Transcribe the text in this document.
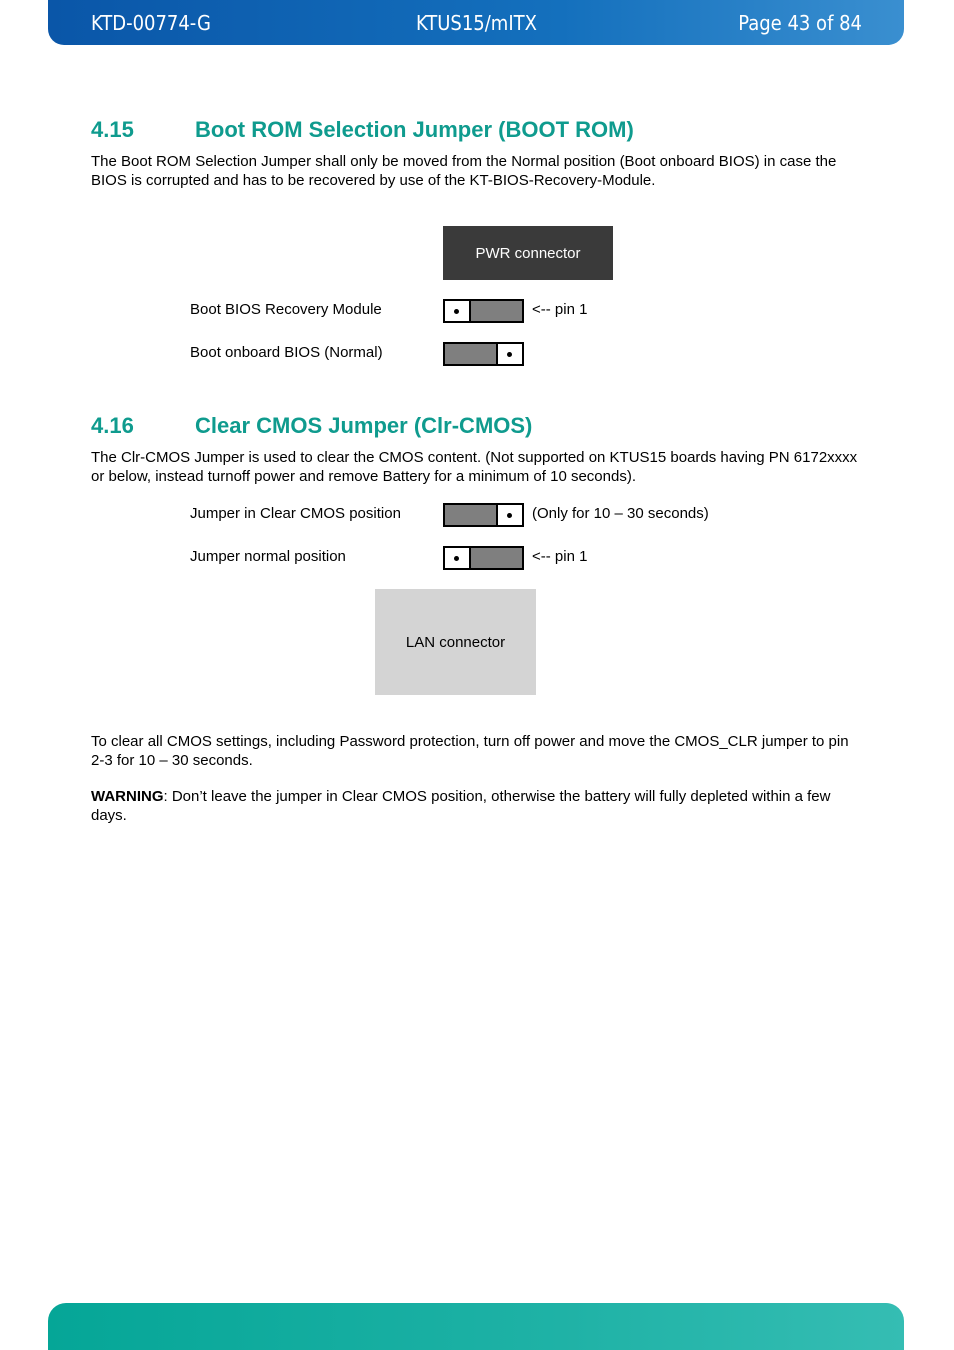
KTD-00774-G	KTUS15/mITX	Page 43 of 84
4.15	Boot ROM Selection Jumper (BOOT ROM)
The Boot ROM Selection Jumper shall only be moved from the Normal position (Boot onboard BIOS) in case the BIOS is corrupted and has to be recovered by use of the KT-BIOS-Recovery-Module.
PWR connector
Boot BIOS Recovery Module	<-- pin 1
Boot onboard BIOS (Normal)
4.16	Clear CMOS Jumper (Clr-CMOS)
The Clr-CMOS Jumper is used to clear the CMOS content. (Not supported on KTUS15 boards having PN 6172xxxx or below, instead turnoff power and remove Battery for a minimum of 10 seconds).
Jumper in Clear CMOS position	(Only for 10 – 30 seconds)
Jumper normal position	<-- pin 1
LAN connector
To clear all CMOS settings, including Password protection, turn off power and move the CMOS_CLR jumper to pin 2-3 for 10 – 30 seconds.
WARNING: Don’t leave the jumper in Clear CMOS position, otherwise the battery will fully depleted within a few days.
